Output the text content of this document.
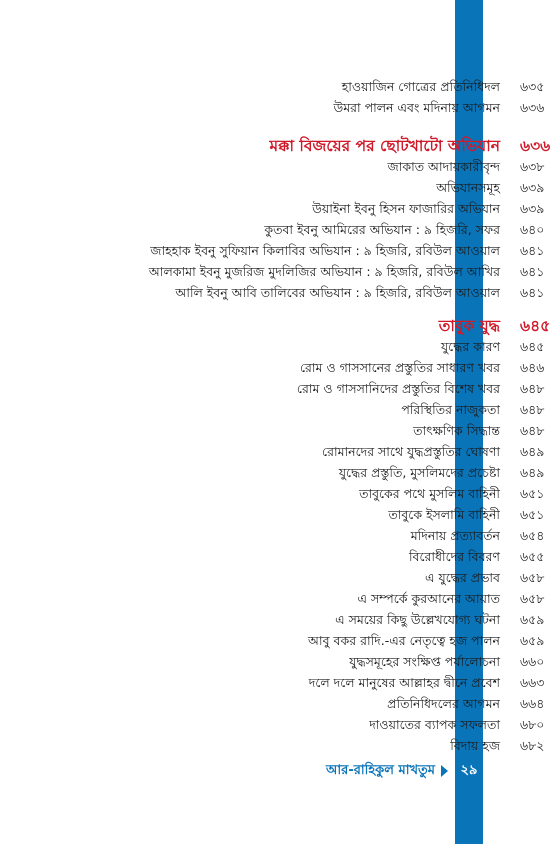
হাওয়াজিন গোত্রের প্রতিনিধিদল	৬৩৫
উমরা পালন এবং মদিনায় আগমন	৬৩৬
মক্কা বিজয়ের পর ছোটখাটো অভিযান	৬৩৬
জাকাত আদায়কারীবৃন্দ	৬৩৮
অভিযানসমূহ	৬৩৯
উয়াইনা ইবনু হিসন ফাজারির অভিযান	৬৩৯
কুতবা ইবনু আমিরের অভিযান : ৯ হিজরি, সফর	৬৪০
জাহহাক ইবনু সুফিয়ান কিলাবির অভিযান : ৯ হিজরি, রবিউল আওয়াল	৬৪১
আলকামা ইবনু মুজরিজ মুদলিজির অভিযান : ৯ হিজরি, রবিউল আখির	৬৪১
আলি ইবনু আবি তালিবের অভিযান : ৯ হিজরি, রবিউল আওয়াল	৬৪১
তাবুক যুদ্ধ	৬৪৫
যুদ্ধের কারণ	৬৪৫
রোম ও গাসসানের প্রস্তুতির সাধারণ খবর	৬৪৬
রোম ও গাসসানিদের প্রস্তুতির বিশেষ খবর	৬৪৮
পরিস্থিতির নাজুকতা	৬৪৮
তাৎক্ষণিক সিদ্ধান্ত	৬৪৮
রোমানদের সাথে যুদ্ধপ্রস্তুতির ঘোষণা	৬৪৯
যুদ্ধের প্রস্তুতি, মুসলিমদের প্রচেষ্টা	৬৪৯
তাবুকের পথে মুসলিম বাহিনী	৬৫১
তাবুকে ইসলামি বাহিনী	৬৫১
মদিনায় প্রত্যাবর্তন	৬৫৪
বিরোধীদের বিবরণ	৬৫৫
এ যুদ্ধের প্রভাব	৬৫৮
এ সম্পর্কে কুরআনের আয়াত	৬৫৮
এ সময়ের কিছু উল্লেখযোগ্য ঘটনা	৬৫৯
আবু বকর রাদি.-এর নেতৃত্বে হজ পালন	৬৫৯
যুদ্ধসমূহের সংক্ষিপ্ত পর্যালোচনা	৬৬০
দলে দলে মানুষের আল্লাহর দ্বীনে প্রবেশ	৬৬৩
প্রতিনিধিদলের আগমন	৬৬৪
দাওয়াতের ব্যাপক সফলতা	৬৮০
বিদায় হজ	৬৮২
আর-রাহিকুল মাখতুম	২৯
